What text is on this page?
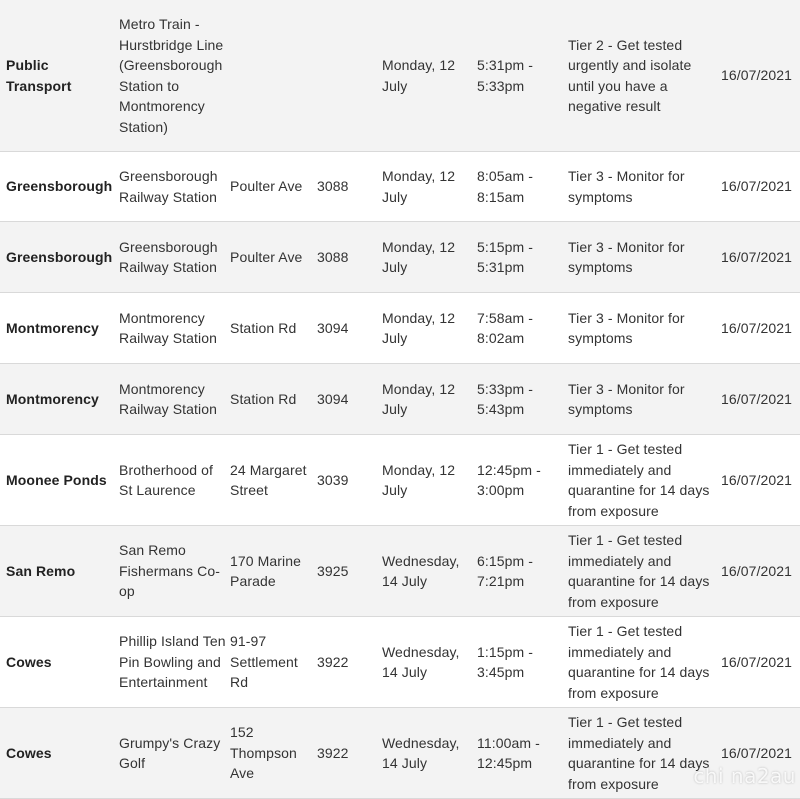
Public Transport
Metro Train - Hurstbridge Line (Greensborough Station to Montmorency Station)
Monday, 12 July
5:31pm - 5:33pm
Tier 2 - Get tested urgently and isolate until you have a negative result
16/07/2021
Greensborough
Greensborough Railway Station
Poulter Ave 3088
Monday, 12 July
8:05am - 8:15am
Tier 3 - Monitor for symptoms
16/07/2021
Greensborough
Greensborough Railway Station
Poulter Ave 3088
Monday, 12 July
5:15pm - 5:31pm
Tier 3 - Monitor for symptoms
16/07/2021
Montmorency
Montmorency Railway Station
Station Rd 3094
Monday, 12 July
7:58am - 8:02am
Tier 3 - Monitor for symptoms
16/07/2021
Montmorency
Montmorency Railway Station
Station Rd 3094
Monday, 12 July
5:33pm - 5:43pm
Tier 3 - Monitor for symptoms
16/07/2021
Moonee Ponds
Brotherhood of St Laurence
24 Margaret Street
3039
Monday, 12 July
12:45pm - 3:00pm
Tier 1 - Get tested immediately and quarantine for 14 days from exposure
16/07/2021
San Remo
San Remo Fishermans Co-op
170 Marine Parade
3925
Wednesday, 14 July
6:15pm - 7:21pm
Tier 1 - Get tested immediately and quarantine for 14 days from exposure
16/07/2021
Cowes
Phillip Island Ten Pin Bowling and Entertainment
91-97 Settlement Rd
3922
Wednesday, 14 July
1:15pm - 3:45pm
Tier 1 - Get tested immediately and quarantine for 14 days from exposure
16/07/2021
Cowes
Grumpy's Crazy Golf
152 Thompson Ave
3922
Wednesday, 14 July
11:00am - 12:45pm
Tier 1 - Get tested immediately and quarantine for 14 days from exposure
16/07/2021
chi na2au
